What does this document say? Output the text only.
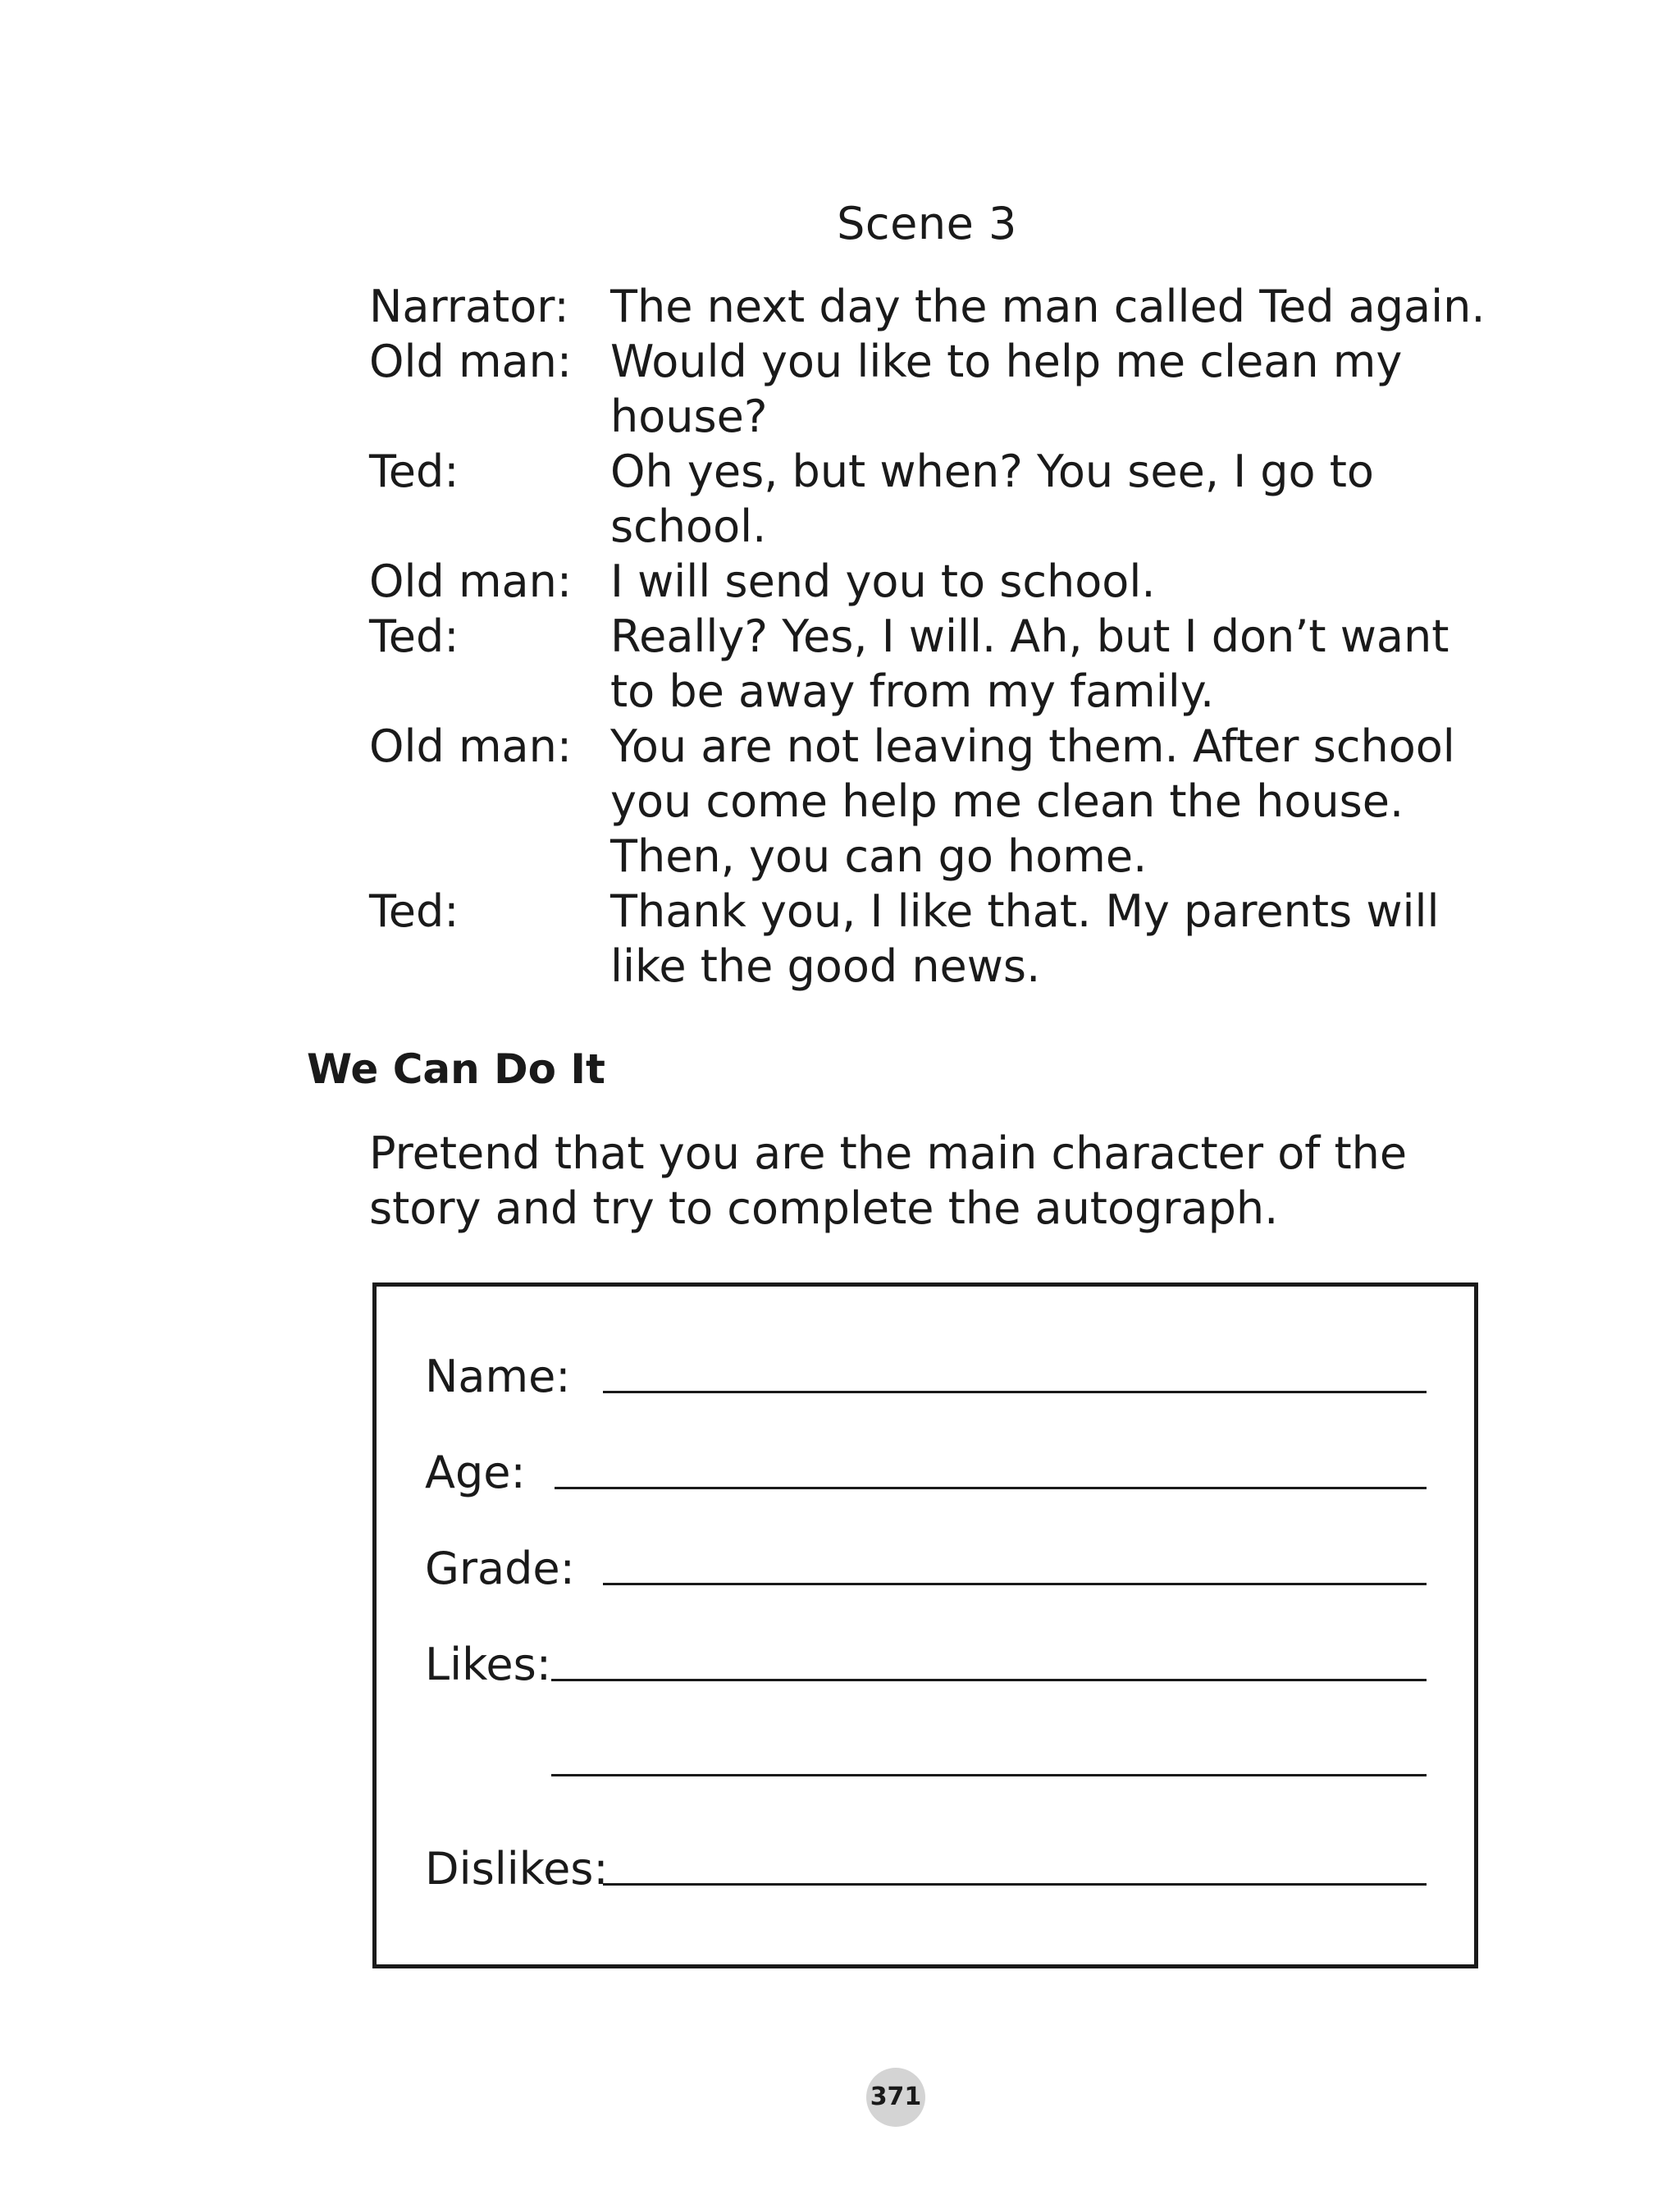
Scene 3
Narrator: The next day the man called Ted again.
Old man: Would you like to help me clean my
house?
Ted:	Oh yes, but when? You see, I go to
school.
Old man: I will send you to school.
Ted:	Really? Yes, I will. Ah, but I don’t want
to be away from my family.
Old man: You are not leaving them. After school
you come help me clean the house.
Then, you can go home.
Ted:	Thank you, I like that. My parents will
like the good news.
We Can Do It
Pretend that you are the main character of the
story and try to complete the autograph.
Name:
Age:
Grade:
Likes:
Dislikes:
371
